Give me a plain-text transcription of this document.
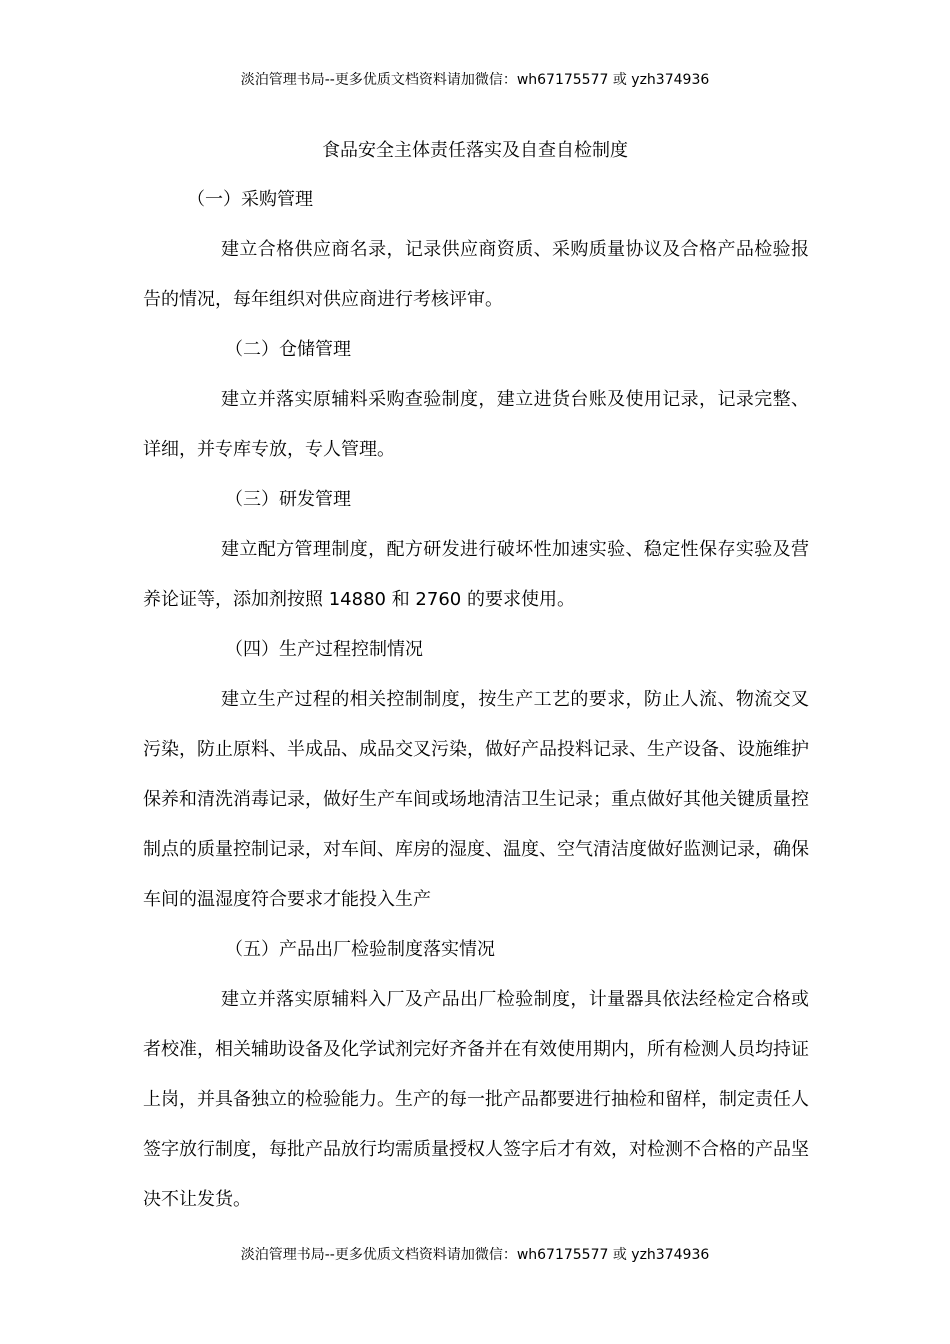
淡泊管理书局--更多优质文档资料请加微信：wh67175577 或 yzh374936
食品安全主体责任落实及自查自检制度

（一）采购管理

建立合格供应商名录，记录供应商资质、采购质量协议及合格产品检验报告的情况，每年组织对供应商进行考核评审。

（二）仓储管理

建立并落实原辅料采购查验制度，建立进货台账及使用记录，记录完整、详细，并专库专放，专人管理。

（三）研发管理

建立配方管理制度，配方研发进行破坏性加速实验、稳定性保存实验及营养论证等，添加剂按照 14880 和 2760 的要求使用。

（四）生产过程控制情况

建立生产过程的相关控制制度，按生产工艺的要求，防止人流、物流交叉污染，防止原料、半成品、成品交叉污染，做好产品投料记录、生产设备、设施维护保养和清洗消毒记录，做好生产车间或场地清洁卫生记录；重点做好其他关键质量控制点的质量控制记录，对车间、库房的湿度、温度、空气清洁度做好监测记录，确保车间的温湿度符合要求才能投入生产

（五）产品出厂检验制度落实情况

建立并落实原辅料入厂及产品出厂检验制度，计量器具依法经检定合格或者校准，相关辅助设备及化学试剂完好齐备并在有效使用期内，所有检测人员均持证上岗，并具备独立的检验能力。生产的每一批产品都要进行抽检和留样，制定责任人签字放行制度，每批产品放行均需质量授权人签字后才有效，对检测不合格的产品坚决不让发货。

淡泊管理书局--更多优质文档资料请加微信：wh67175577 或 yzh374936
